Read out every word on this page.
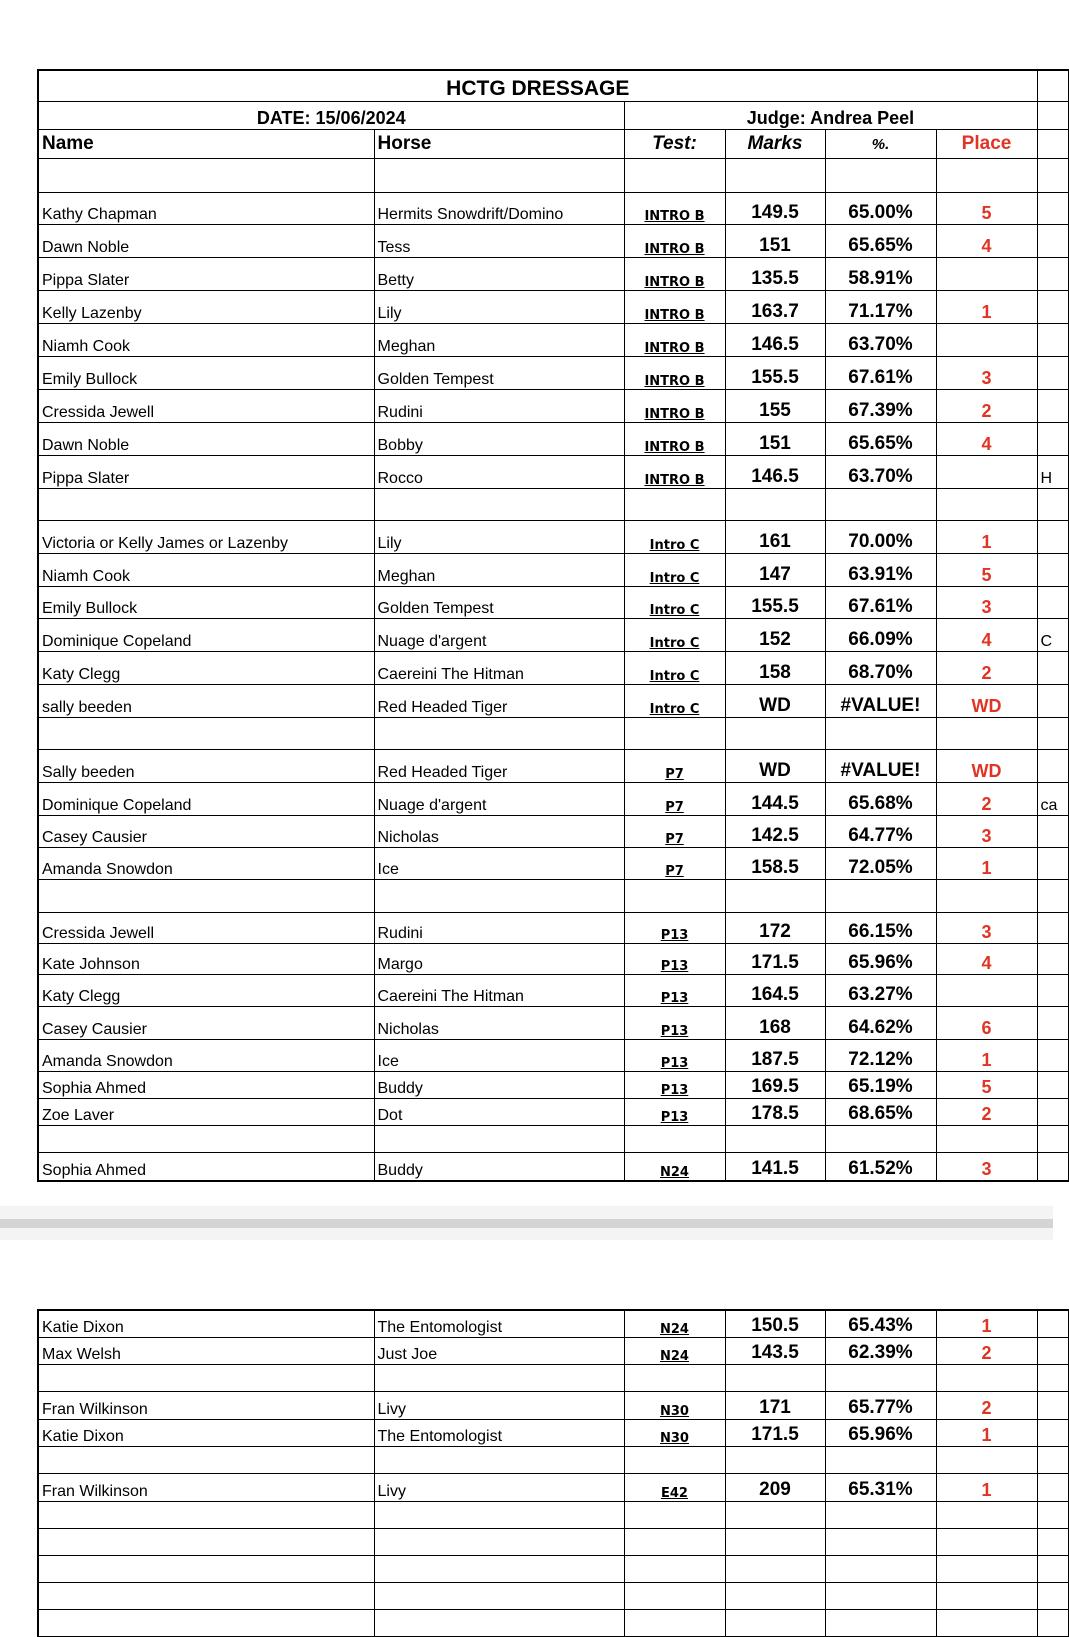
HCTG DRESSAGE						
DATE: 15/06/2024		Judge: Andrea Peel				
Name	Horse	Test:	Marks	%.	Place	

Kathy Chapman	Hermits Snowdrift/Domino	INTRO B	149.5	65.00%	5	
Dawn Noble	Tess	INTRO B	151	65.65%	4	
Pippa Slater	Betty	INTRO B	135.5	58.91%		
Kelly Lazenby	Lily	INTRO B	163.7	71.17%	1	
Niamh Cook	Meghan	INTRO B	146.5	63.70%		
Emily Bullock	Golden Tempest	INTRO B	155.5	67.61%	3	
Cressida Jewell	Rudini	INTRO B	155	67.39%	2	
Dawn Noble	Bobby	INTRO B	151	65.65%	4	
Pippa Slater	Rocco	INTRO B	146.5	63.70%		H

Victoria or Kelly James or Lazenby	Lily	Intro C	161	70.00%	1	
Niamh Cook	Meghan	Intro C	147	63.91%	5	
Emily Bullock	Golden Tempest	Intro C	155.5	67.61%	3	
Dominique Copeland	Nuage d'argent	Intro C	152	66.09%	4	C
Katy Clegg	Caereini The Hitman	Intro C	158	68.70%	2	
sally beeden	Red Headed Tiger	Intro C	WD	#VALUE!	WD	

Sally beeden	Red Headed Tiger	P7	WD	#VALUE!	WD	
Dominique Copeland	Nuage d'argent	P7	144.5	65.68%	2	ca
Casey Causier	Nicholas	P7	142.5	64.77%	3	
Amanda Snowdon	Ice	P7	158.5	72.05%	1	

Cressida Jewell	Rudini	P13	172	66.15%	3	
Kate Johnson	Margo	P13	171.5	65.96%	4	
Katy Clegg	Caereini The Hitman	P13	164.5	63.27%		
Casey Causier	Nicholas	P13	168	64.62%	6	
Amanda Snowdon	Ice	P13	187.5	72.12%	1	
Sophia Ahmed	Buddy	P13	169.5	65.19%	5	
Zoe Laver	Dot	P13	178.5	68.65%	2	

Sophia Ahmed	Buddy	N24	141.5	61.52%	3	
Katie Dixon	The Entomologist	N24	150.5	65.43%	1	
Max Welsh	Just Joe	N24	143.5	62.39%	2	

Fran Wilkinson	Livy	N30	171	65.77%	2	
Katie Dixon	The Entomologist	N30	171.5	65.96%	1	

Fran Wilkinson	Livy	E42	209	65.31%	1	
